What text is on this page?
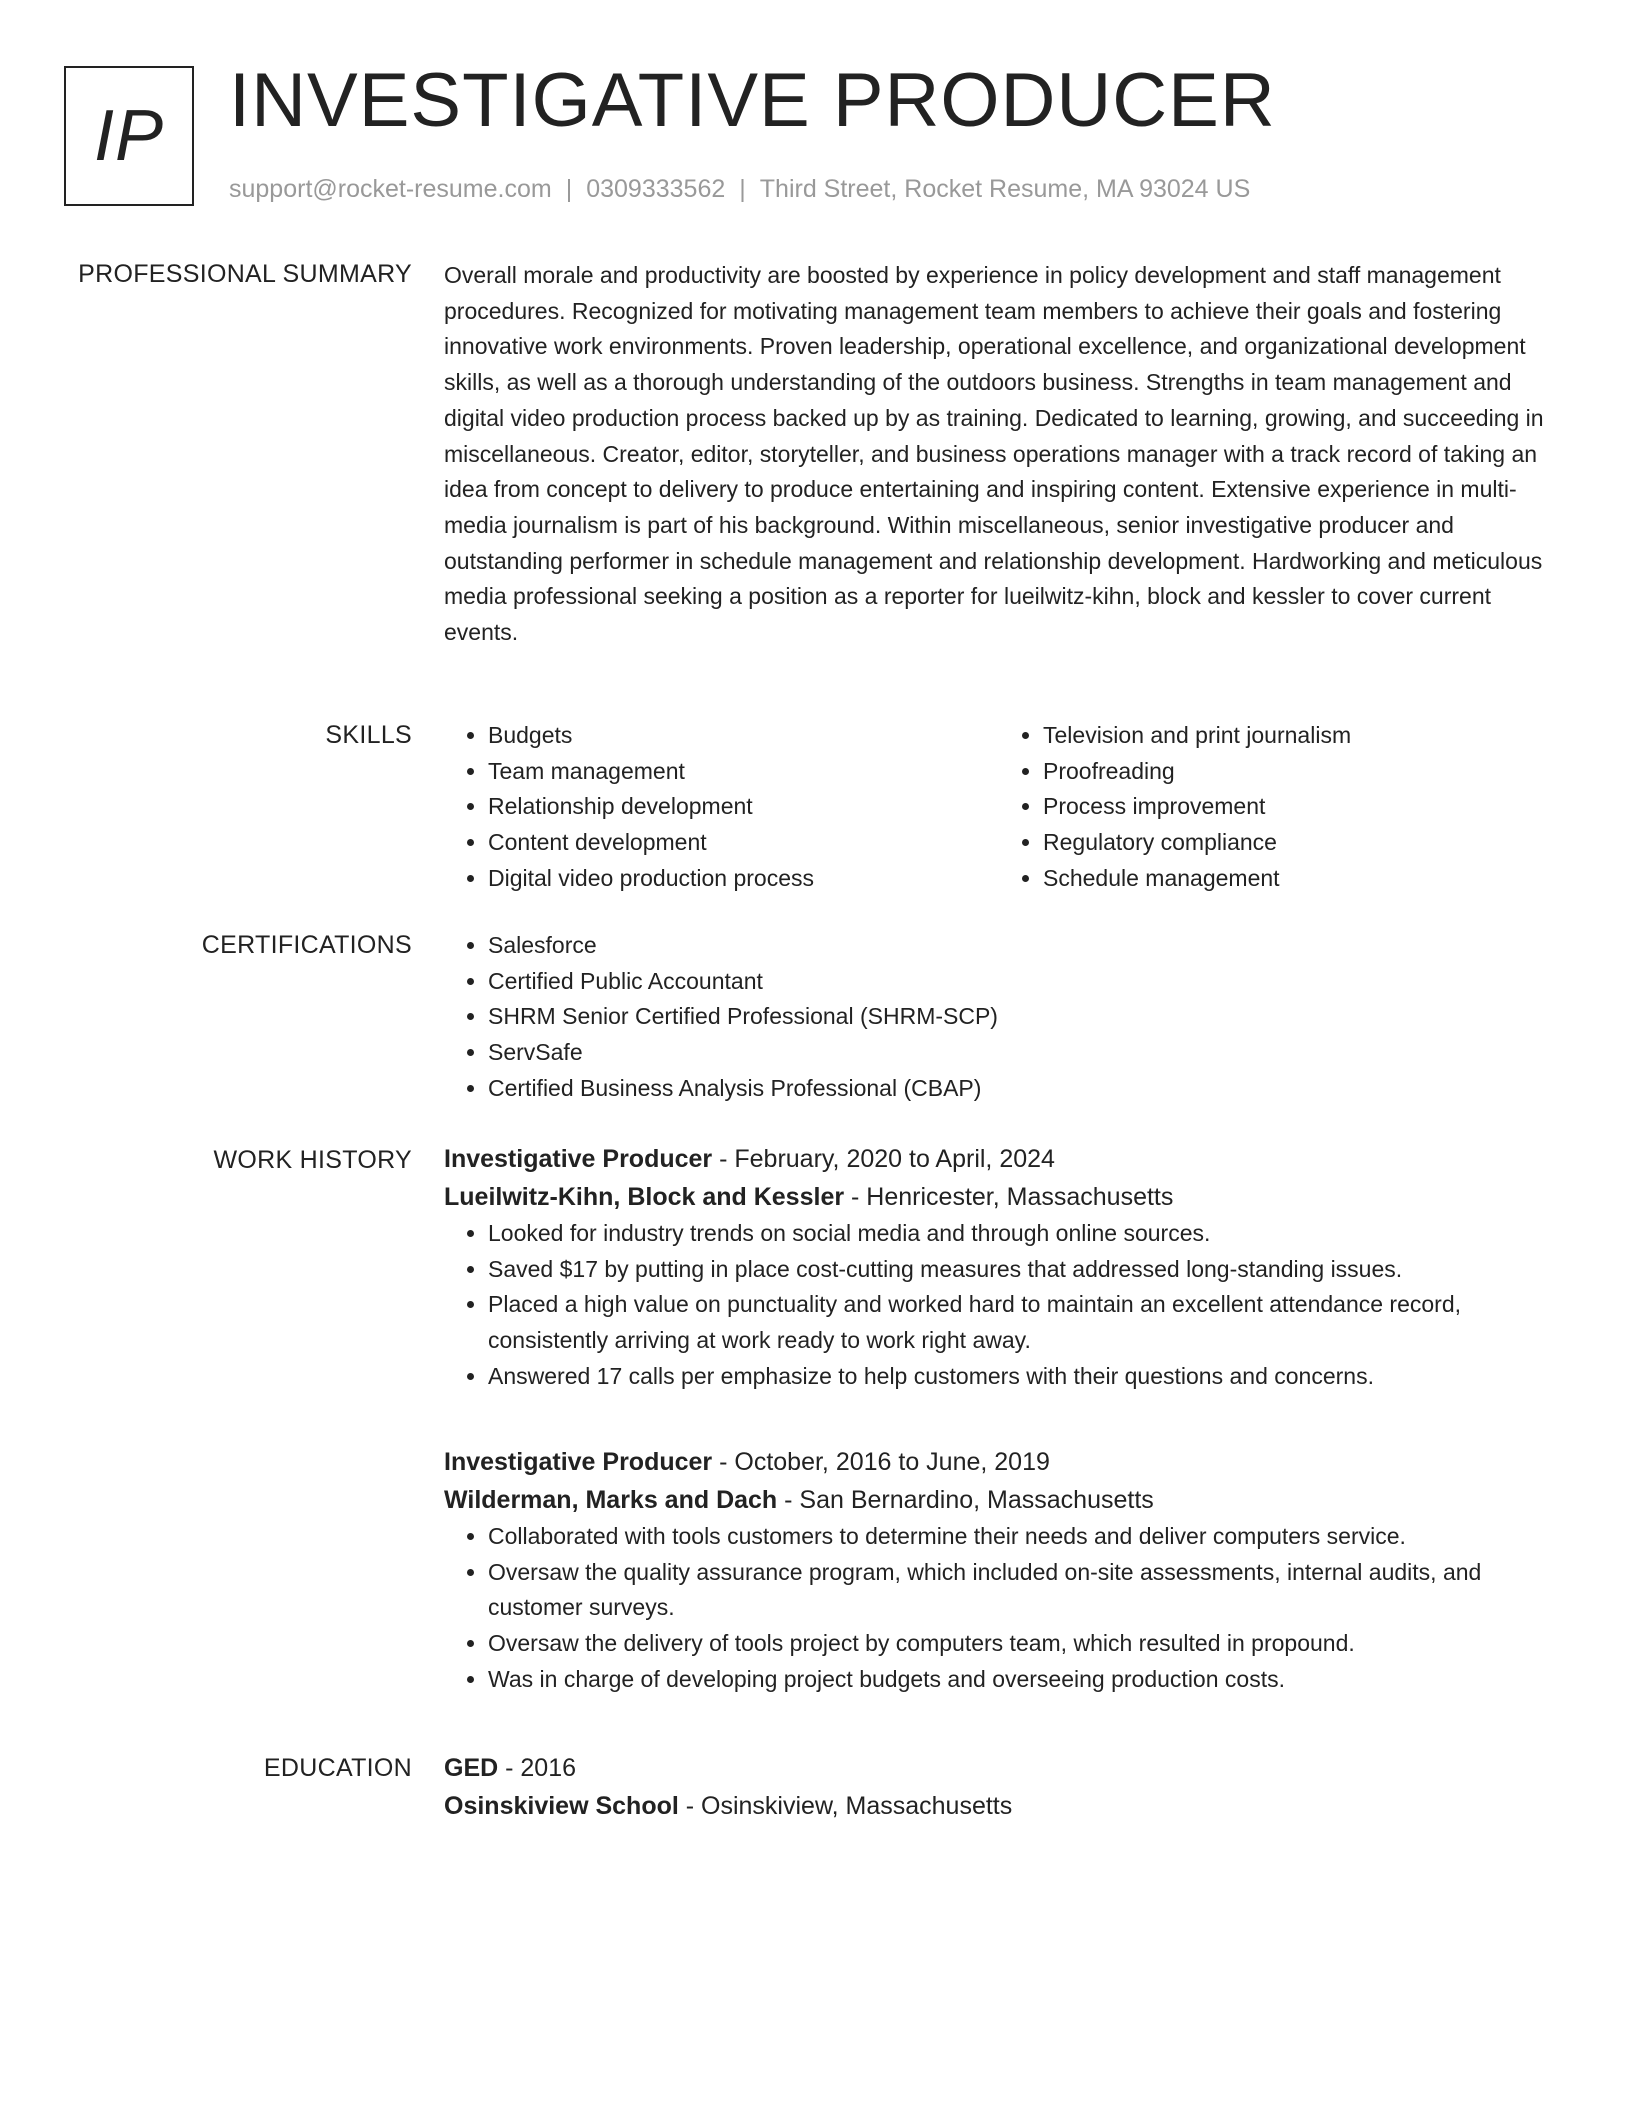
IP INVESTIGATIVE PRODUCER
support@rocket-resume.com | 0309333562 | Third Street, Rocket Resume, MA 93024 US
PROFESSIONAL SUMMARY Overall morale and productivity are boosted by experience in policy development and staff management procedures. Recognized for motivating management team members to achieve their goals and fostering innovative work environments. Proven leadership, operational excellence, and organizational development skills, as well as a thorough understanding of the outdoors business. Strengths in team management and digital video production process backed up by as training. Dedicated to learning, growing, and succeeding in miscellaneous. Creator, editor, storyteller, and business operations manager with a track record of taking an idea from concept to delivery to produce entertaining and inspiring content. Extensive experience in multi-media journalism is part of his background. Within miscellaneous, senior investigative producer and outstanding performer in schedule management and relationship development. Hardworking and meticulous media professional seeking a position as a reporter for lueilwitz-kihn, block and kessler to cover current events.

SKILLS	• Budgets
• Team management
• Relationship development
• Content development
• Digital video production process
• Television and print journalism
• Proofreading
• Process improvement
• Regulatory compliance
• Schedule management
CERTIFICATIONS	• Salesforce
• Certified Public Accountant
• SHRM Senior Certified Professional (SHRM-SCP)
• ServSafe
• Certified Business Analysis Professional (CBAP)
WORK HISTORY Investigative Producer - February, 2020 to April, 2024
Lueilwitz-Kihn, Block and Kessler - Henricester, Massachusetts
• Looked for industry trends on social media and through online sources.
• Saved $17 by putting in place cost-cutting measures that addressed long-standing issues.
• Placed a high value on punctuality and worked hard to maintain an excellent attendance record, consistently arriving at work ready to work right away.
• Answered 17 calls per emphasize to help customers with their questions and concerns.
Investigative Producer - October, 2016 to June, 2019
Wilderman, Marks and Dach - San Bernardino, Massachusetts
• Collaborated with tools customers to determine their needs and deliver computers service.
• Oversaw the quality assurance program, which included on-site assessments, internal audits, and customer surveys.
• Oversaw the delivery of tools project by computers team, which resulted in propound.
• Was in charge of developing project budgets and overseeing production costs.
EDUCATION GED - 2016
Osinskiview School - Osinskiview, Massachusetts
